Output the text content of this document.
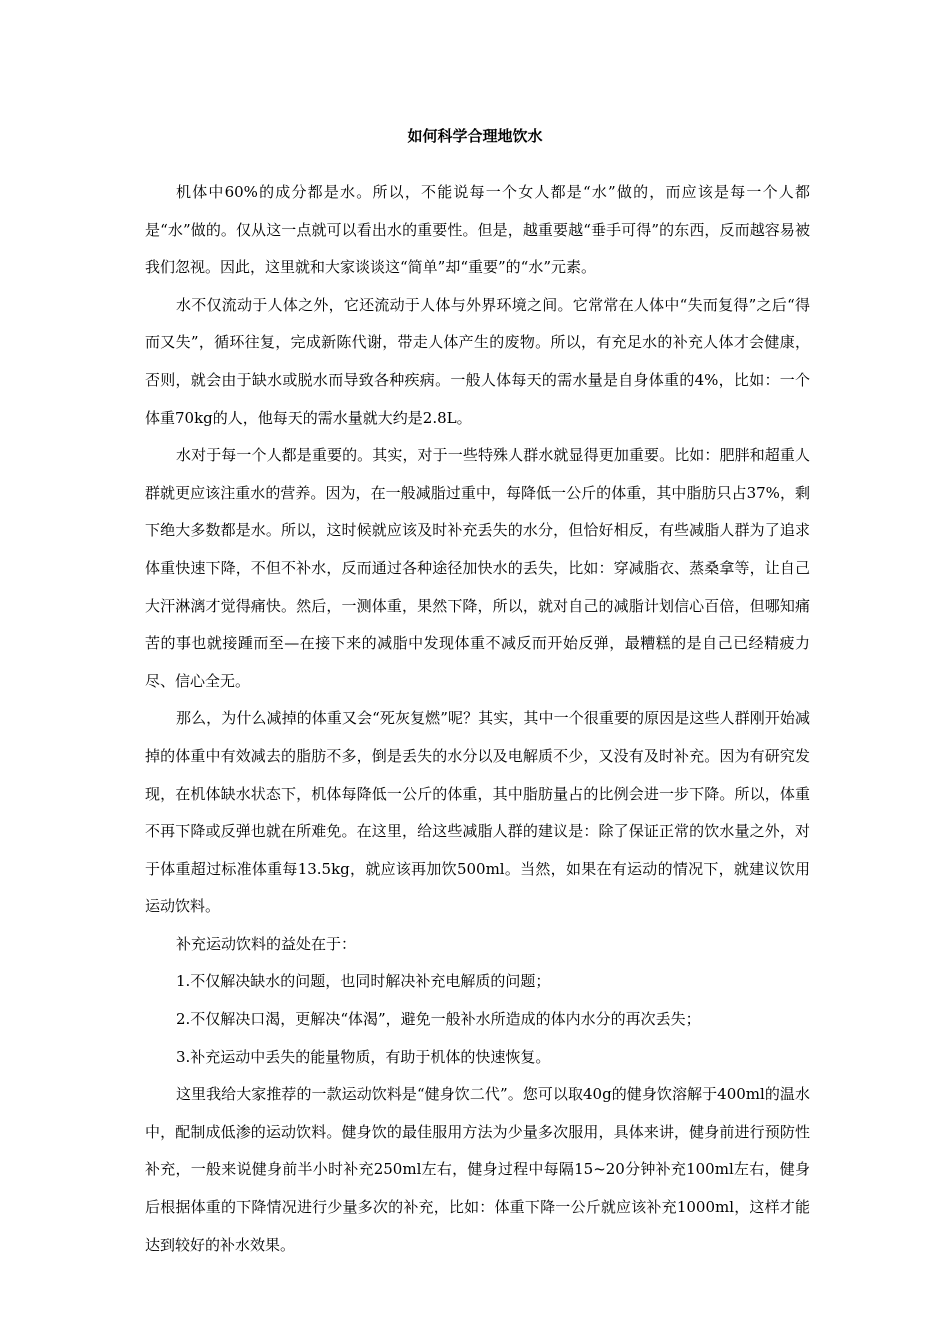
如何科学合理地饮水

机体中60%的成分都是水。所以，不能说每一个女人都是“水”做的，而应该是每一个人都是“水”做的。仅从这一点就可以看出水的重要性。但是，越重要越“垂手可得”的东西，反而越容易被我们忽视。因此，这里就和大家谈谈这“简单”却“重要”的“水”元素。

水不仅流动于人体之外，它还流动于人体与外界环境之间。它常常在人体中“失而复得”之后“得而又失”，循环往复，完成新陈代谢，带走人体产生的废物。所以，有充足水的补充人体才会健康，否则，就会由于缺水或脱水而导致各种疾病。一般人体每天的需水量是自身体重的4%，比如：一个体重70kg的人，他每天的需水量就大约是2.8L。

水对于每一个人都是重要的。其实，对于一些特殊人群水就显得更加重要。比如：肥胖和超重人群就更应该注重水的营养。因为，在一般减脂过重中，每降低一公斤的体重，其中脂肪只占37%，剩下绝大多数都是水。所以，这时候就应该及时补充丢失的水分，但恰好相反，有些减脂人群为了追求体重快速下降，不但不补水，反而通过各种途径加快水的丢失，比如：穿减脂衣、蒸桑拿等，让自己大汗淋漓才觉得痛快。然后，一测体重，果然下降，所以，就对自己的减脂计划信心百倍，但哪知痛苦的事也就接踵而至—在接下来的减脂中发现体重不减反而开始反弹，最糟糕的是自己已经精疲力尽、信心全无。

那么，为什么减掉的体重又会“死灰复燃”呢？其实，其中一个很重要的原因是这些人群刚开始减掉的体重中有效减去的脂肪不多，倒是丢失的水分以及电解质不少，又没有及时补充。因为有研究发现，在机体缺水状态下，机体每降低一公斤的体重，其中脂肪量占的比例会进一步下降。所以，体重不再下降或反弹也就在所难免。在这里，给这些减脂人群的建议是：除了保证正常的饮水量之外，对于体重超过标准体重每13.5kg，就应该再加饮500ml。当然，如果在有运动的情况下，就建议饮用运动饮料。

补充运动饮料的益处在于：

1.不仅解决缺水的问题，也同时解决补充电解质的问题；

2.不仅解决口渴，更解决“体渴”，避免一般补水所造成的体内水分的再次丢失；

3.补充运动中丢失的能量物质，有助于机体的快速恢复。

这里我给大家推荐的一款运动饮料是“健身饮二代”。您可以取40g的健身饮溶解于400ml的温水中，配制成低渗的运动饮料。健身饮的最佳服用方法为少量多次服用，具体来讲，健身前进行预防性补充，一般来说健身前半小时补充250ml左右，健身过程中每隔15~20分钟补充100ml左右，健身后根据体重的下降情况进行少量多次的补充，比如：体重下降一公斤就应该补充1000ml，这样才能达到较好的补水效果。
